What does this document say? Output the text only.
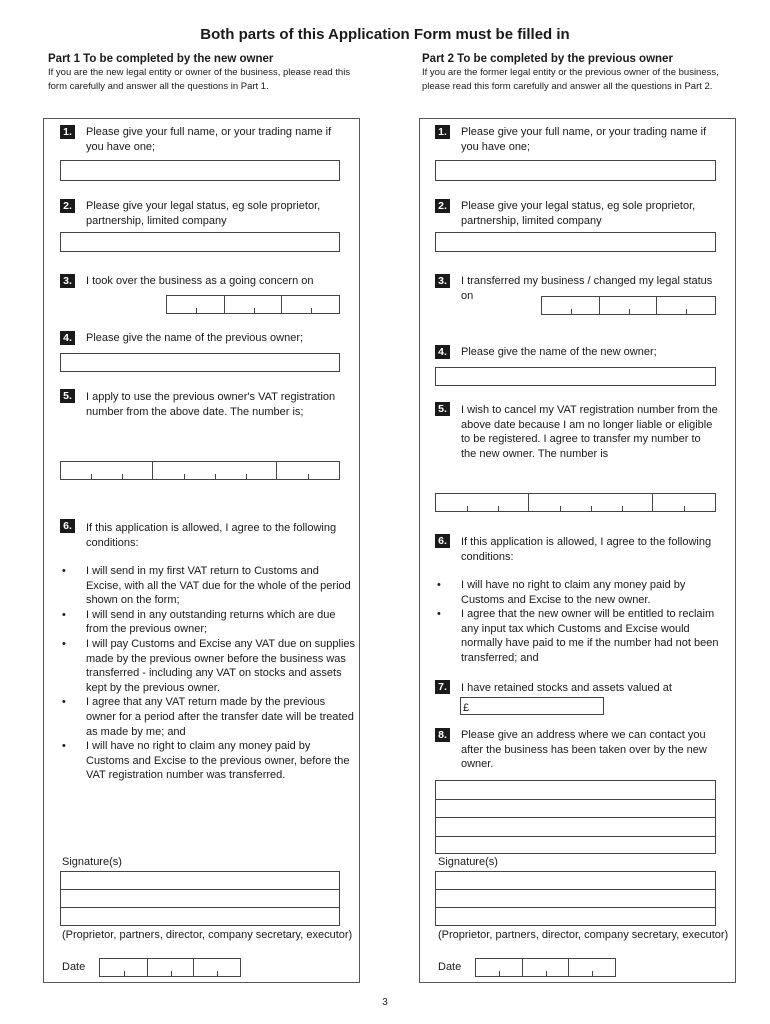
Both parts of this Application Form must be filled in
Part 1 To be completed by the new owner
If you are the new legal entity or owner of the business, please read this form carefully and answer all the questions in Part 1.
Part 2 To be completed by the previous owner
If you are the former legal entity or the previous owner of the business, please read this form carefully and answer all the questions in Part 2.
1. Please give your full name, or your trading name if you have one;
2. Please give your legal status, eg sole proprietor, partnership, limited company
3. I took over the business as a going concern on
4. Please give the name of the previous owner;
5. I apply to use the previous owner's VAT registration number from the above date. The number is;
6. If this application is allowed, I agree to the following conditions:
• I will send in my first VAT return to Customs and Excise, with all the VAT due for the whole of the period shown on the form;
• I will send in any outstanding returns which are due from the previous owner;
• I will pay Customs and Excise any VAT due on supplies made by the previous owner before the business was transferred - including any VAT on stocks and assets kept by the previous owner.
• I agree that any VAT return made by the previous owner for a period after the transfer date will be treated as made by me; and
• I will have no right to claim any money paid by Customs and Excise to the previous owner, before the VAT registration number was transferred.
Signature(s)
(Proprietor, partners, director, company secretary, executor)
Date
1. Please give your full name, or your trading name if you have one;
2. Please give your legal status, eg sole proprietor, partnership, limited company
3. I transferred my business / changed my legal status on
4. Please give the name of the new owner;
5. I wish to cancel my VAT registration number from the above date because I am no longer liable or eligible to be registered. I agree to transfer my number to the new owner. The number is
6. If this application is allowed, I agree to the following conditions:
• I will have no right to claim any money paid by Customs and Excise to the new owner.
• I agree that the new owner will be entitled to reclaim any input tax which Customs and Excise would normally have paid to me if the number had not been transferred; and
7. I have retained stocks and assets valued at
£
8. Please give an address where we can contact you after the business has been taken over by the new owner.
Signature(s)
(Proprietor, partners, director, company secretary, executor)
Date
3
